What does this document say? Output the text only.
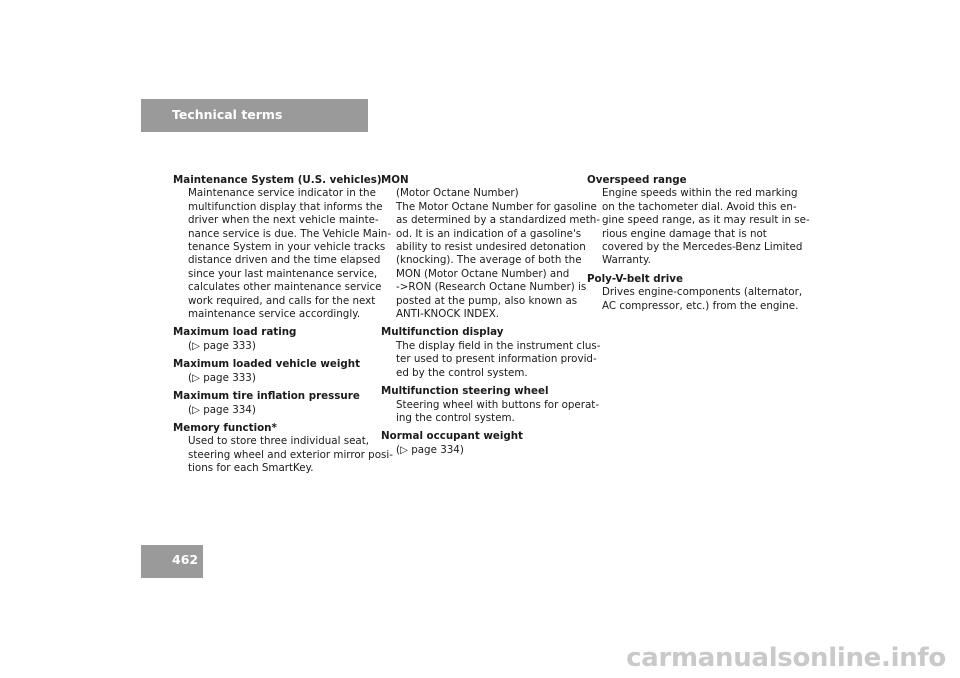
Technical terms
Maintenance System (U.S. vehicles)
Maintenance service indicator in the
multifunction display that informs the
driver when the next vehicle mainte-
nance service is due. The Vehicle Main-
tenance System in your vehicle tracks
distance driven and the time elapsed
since your last maintenance service,
calculates other maintenance service
work required, and calls for the next
maintenance service accordingly.
Maximum load rating
(▷ page 333)
Maximum loaded vehicle weight
(▷ page 333)
Maximum tire inflation pressure
(▷ page 334)
Memory function*
Used to store three individual seat,
steering wheel and exterior mirror posi-
tions for each SmartKey.
MON
(Motor Octane Number)
The Motor Octane Number for gasoline
as determined by a standardized meth-
od. It is an indication of a gasoline's
ability to resist undesired detonation
(knocking). The average of both the
MON (Motor Octane Number) and
->RON (Research Octane Number) is
posted at the pump, also known as
ANTI-KNOCK INDEX.
Multifunction display
The display field in the instrument clus-
ter used to present information provid-
ed by the control system.
Multifunction steering wheel
Steering wheel with buttons for operat-
ing the control system.
Normal occupant weight
(▷ page 334)
Overspeed range
Engine speeds within the red marking
on the tachometer dial. Avoid this en-
gine speed range, as it may result in se-
rious engine damage that is not
covered by the Mercedes-Benz Limited
Warranty.
Poly-V-belt drive
Drives engine-components (alternator,
AC compressor, etc.) from the engine.
462
carmanualsonline.info
